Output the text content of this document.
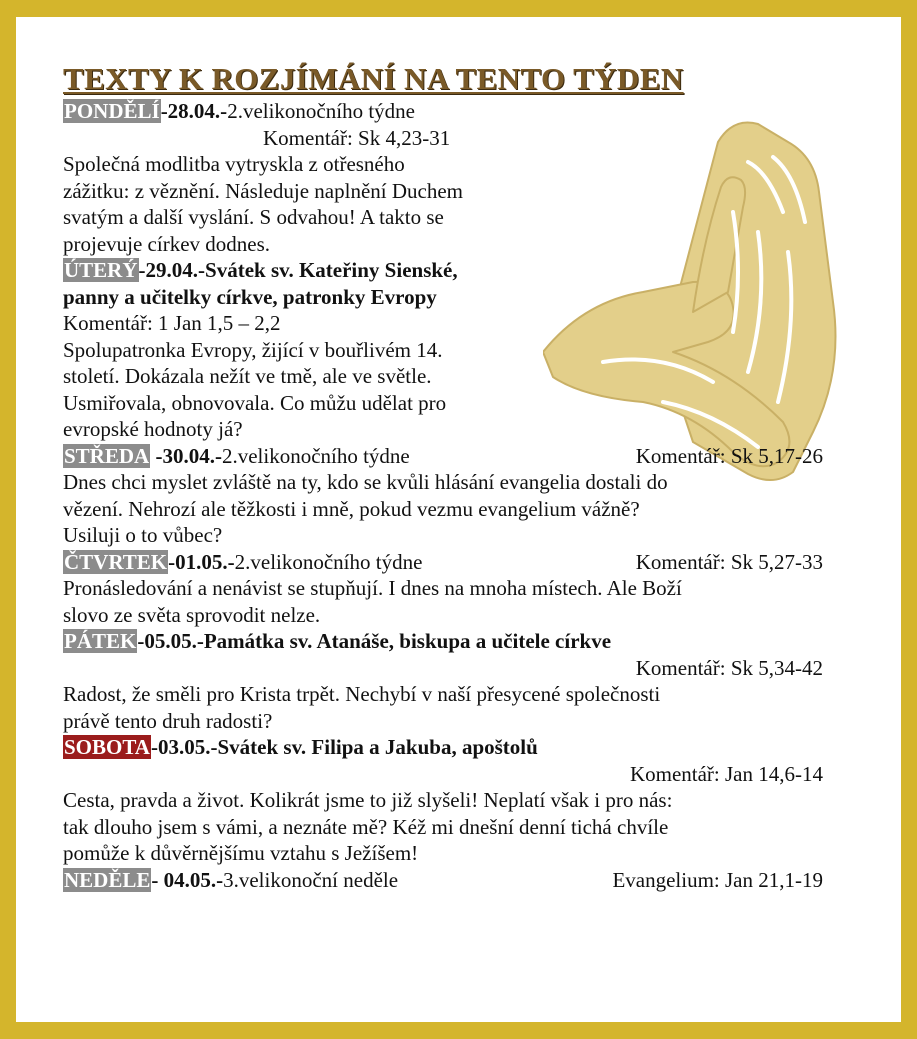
TEXTY K ROZJÍMÁNÍ NA TENTO TÝDEN
PONDĚLÍ-28.04.-2.velikonočního týdne
Komentář: Sk 4,23-31
Společná modlitba vytryskla z otřesného
zážitku: z věznění. Následuje naplnění Duchem
svatým a další vyslání. S odvahou! A takto se
projevuje církev dodnes.
ÚTERÝ-29.04.-Svátek sv. Kateřiny Sienské,
panny a učitelky církve, patronky Evropy
Komentář: 1 Jan 1,5 – 2,2
Spolupatronka Evropy, žijící v bouřlivém 14.
století. Dokázala nežít ve tmě, ale ve světle.
Usmiřovala, obnovovala. Co můžu udělat pro
evropské hodnoty já?
STŘEDA -30.04.-2.velikonočního týdne	Komentář: Sk 5,17-26
Dnes chci myslet zvláště na ty, kdo se kvůli hlásání evangelia dostali do
vězení. Nehrozí ale těžkosti i mně, pokud vezmu evangelium vážně?
Usiluji o to vůbec?
ČTVRTEK-01.05.-2.velikonočního týdne	Komentář: Sk 5,27-33
Pronásledování a nenávist se stupňují. I dnes na mnoha místech. Ale Boží
slovo ze světa sprovodit nelze.
PÁTEK-05.05.-Památka sv. Atanáše, biskupa a učitele církve
Komentář: Sk 5,34-42
Radost, že směli pro Krista trpět. Nechybí v naší přesycené společnosti
právě tento druh radosti?
SOBOTA-03.05.-Svátek sv. Filipa a Jakuba, apoštolů
Komentář: Jan 14,6-14
Cesta, pravda a život. Kolikrát jsme to již slyšeli! Neplatí však i pro nás:
tak dlouho jsem s vámi, a neznáte mě? Kéž mi dnešní denní tichá chvíle
pomůže k důvěrnějšímu vztahu s Ježíšem!
NEDĚLE- 04.05.-3.velikonoční neděle	Evangelium: Jan 21,1-19
